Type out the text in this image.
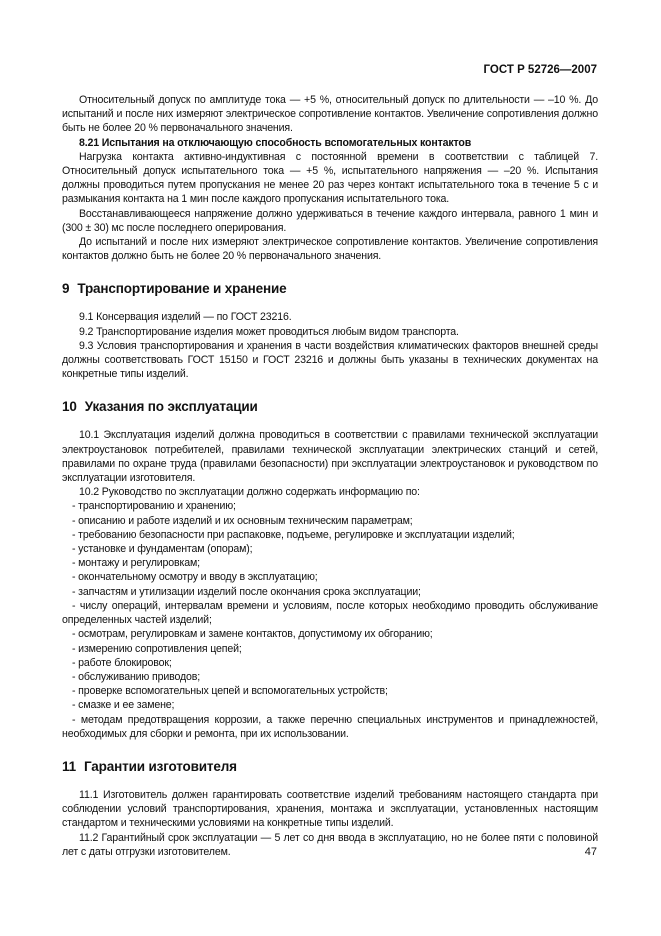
ГОСТ Р 52726—2007

Относительный допуск по амплитуде тока — +5 %, относительный допуск по длительности — –10 %. До испытаний и после них измеряют электрическое сопротивление контактов. Увеличение сопротивления должно быть не более 20 % первоначального значения.

8.21 Испытания на отключающую способность вспомогательных контактов

Нагрузка контакта активно-индуктивная с постоянной времени в соответствии с таблицей 7. Относительный допуск испытательного тока — +5 %, испытательного напряжения — –20 %. Испытания должны проводиться путем пропускания не менее 20 раз через контакт испытательного тока в течение 5 с и размыкания контакта на 1 мин после каждого пропускания испытательного тока.

Восстанавливающееся напряжение должно удерживаться в течение каждого интервала, равного 1 мин и (300 ± 30) мс после последнего оперирования.

До испытаний и после них измеряют электрическое сопротивление контактов. Увеличение сопротивления контактов должно быть не более 20 % первоначального значения.

9 Транспортирование и хранение

9.1 Консервация изделий — по ГОСТ 23216.

9.2 Транспортирование изделия может проводиться любым видом транспорта.

9.3 Условия транспортирования и хранения в части воздействия климатических факторов внешней среды должны соответствовать ГОСТ 15150 и ГОСТ 23216 и должны быть указаны в технических документах на конкретные типы изделий.

10 Указания по эксплуатации

10.1 Эксплуатация изделий должна проводиться в соответствии с правилами технической эксплуатации электроустановок потребителей, правилами технической эксплуатации электрических станций и сетей, правилами по охране труда (правилами безопасности) при эксплуатации электроустановок и руководством по эксплуатации изготовителя.

10.2 Руководство по эксплуатации должно содержать информацию по:

- транспортированию и хранению;

- описанию и работе изделий и их основным техническим параметрам;

- требованию безопасности при распаковке, подъеме, регулировке и эксплуатации изделий;

- установке и фундаментам (опорам);

- монтажу и регулировкам;

- окончательному осмотру и вводу в эксплуатацию;

- запчастям и утилизации изделий после окончания срока эксплуатации;

- числу операций, интервалам времени и условиям, после которых необходимо проводить обслуживание определенных частей изделий;

- осмотрам, регулировкам и замене контактов, допустимому их обгоранию;

- измерению сопротивления цепей;

- работе блокировок;

- обслуживанию приводов;

- проверке вспомогательных цепей и вспомогательных устройств;

- смазке и ее замене;

- методам предотвращения коррозии, а также перечню специальных инструментов и принадлежностей, необходимых для сборки и ремонта, при их использовании.

11 Гарантии изготовителя

11.1 Изготовитель должен гарантировать соответствие изделий требованиям настоящего стандарта при соблюдении условий транспортирования, хранения, монтажа и эксплуатации, установленных настоящим стандартом и техническими условиями на конкретные типы изделий.

11.2 Гарантийный срок эксплуатации — 5 лет со дня ввода в эксплуатацию, но не более пяти с половиной лет с даты отгрузки изготовителем.	47
